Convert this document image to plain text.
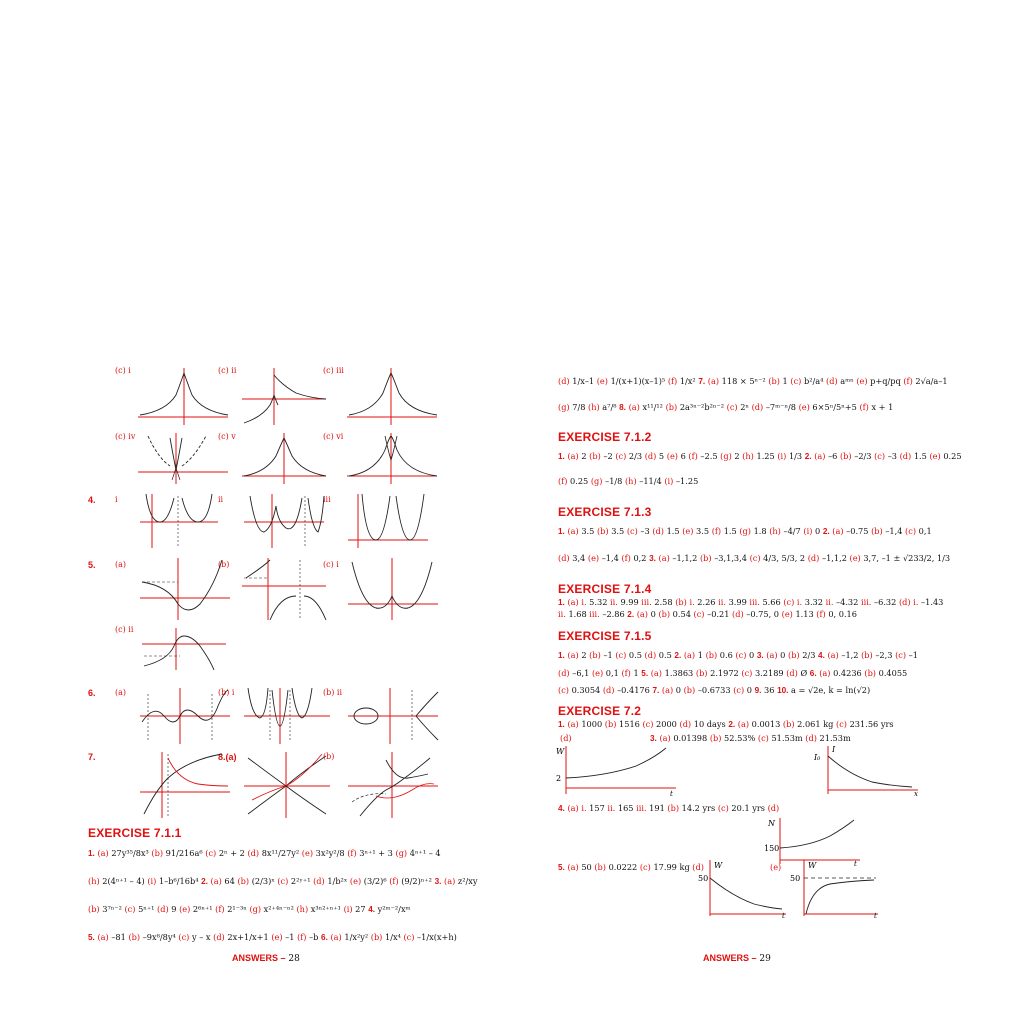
(c) i	(c) ii	(c) iii
(c) iv	(c) v	(c) vi
4. i	ii	iii
5. (a)	(b)	(c) i
(c) ii
6. (a)	(b) i	(b) ii
7.	8.(a)	(b)
EXERCISE 7.1.1
1. (a) 27y³⁵/8x³ (b) 91/216a⁶ (c) 2ⁿ + 2 (d) 8x¹¹/27y² (e) 3x²y²/8 (f) 3ⁿ⁺¹ + 3 (g) 4ⁿ⁺¹ – 4
(h) 2(4ⁿ⁺¹ – 4) (i) 1–b⁶/16b⁴ 2. (a) 64 (b) (2/3)ˣ (c) 2²ʸ⁺¹ (d) 1/b²ˣ (e) (3/2)⁶ (f) (9/2)ⁿ⁺² 3. (a) z²/xy
(b) 3⁷ⁿ⁻² (c) 5ⁿ⁺¹ (d) 9 (e) 2⁶ⁿ⁺¹ (f) 2¹⁻³ⁿ (g) x²⁺⁴ⁿ⁻ⁿ² (h) x³ⁿ²⁺ⁿ⁺¹ (i) 27 4. y²ᵐ⁻²/xᵐ
5. (a) –81 (b) –9x⁸/8y⁴ (c) y – x (d) 2x+1/x+1 (e) –1 (f) –b 6. (a) 1/x²y² (b) 1/x⁴ (c) –1/x(x+h)
ANSWERS – 28
(d) 1/x–1 (e) 1/(x+1)(x–1)⁵ (f) 1/x² 7. (a) 118 × 5ⁿ⁻² (b) 1 (c) b²/a⁴ (d) aᵐⁿ (e) p+q/pq (f) 2√a/a–1
(g) 7/8 (h) a⁷/⁸ 8. (a) x¹¹/¹² (b) 2a³ⁿ⁻²b²ⁿ⁻² (c) 2ⁿ (d) –7ᵐ⁻ⁿ/8 (e) 6×5ⁿ/5ⁿ+5 (f) x + 1
EXERCISE 7.1.2
1. (a) 2 (b) –2 (c) 2/3 (d) 5 (e) 6 (f) –2.5 (g) 2 (h) 1.25 (i) 1/3 2. (a) –6 (b) –2/3 (c) –3 (d) 1.5 (e) 0.25
(f) 0.25 (g) –1/8 (h) –11/4 (i) –1.25
EXERCISE 7.1.3
1. (a) 3.5 (b) 3.5 (c) –3 (d) 1.5 (e) 3.5 (f) 1.5 (g) 1.8 (h) –4/7 (i) 0 2. (a) –0.75 (b) –1,4 (c) 0,1
(d) 3,4 (e) –1,4 (f) 0,2 3. (a) –1,1,2 (b) –3,1,3,4 (c) 4/3, 5/3, 2 (d) –1,1,2 (e) 3,7, –1 ± √233/2, 1/3
EXERCISE 7.1.4
1. (a) i. 5.32 ii. 9.99 iii. 2.58 (b) i. 2.26 ii. 3.99 iii. 5.66 (c) i. 3.32 ii. –4.32 iii. –6.32 (d) i. –1.43
ii. 1.68 iii. –2.86 2. (a) 0 (b) 0.54 (c) –0.21 (d) –0.75, 0 (e) 1.13 (f) 0, 0.16
EXERCISE 7.1.5
1. (a) 2 (b) –1 (c) 0.5 (d) 0.5 2. (a) 1 (b) 0.6 (c) 0 3. (a) 0 (b) 2/3 4. (a) –1,2 (b) –2,3 (c) –1
(d) –6,1 (e) 0,1 (f) 1 5. (a) 1.3863 (b) 2.1972 (c) 3.2189 (d) Ø 6. (a) 0.4236 (b) 0.4055
(c) 0.3054 (d) –0.4176 7. (a) 0 (b) –0.6733 (c) 0 9. 36 10. a = √2e, k = ln(√2)
EXERCISE 7.2
1. (a) 1000 (b) 1516 (c) 2000 (d) 10 days 2. (a) 0.0013 (b) 2.061 kg (c) 231.56 yrs
(d)	3. (a) 0.01398 (b) 52.53% (c) 51.53m (d) 21.53m
W
2
t
I₀
I
x
4. (a) i. 157 ii. 165 iii. 191 (b) 14.2 yrs (c) 20.1 yrs (d)
N
150
t
5. (a) 50 (b) 0.0222 (c) 17.99 kg (d)	(e)
W
50
t
W
50
t
ANSWERS – 29
